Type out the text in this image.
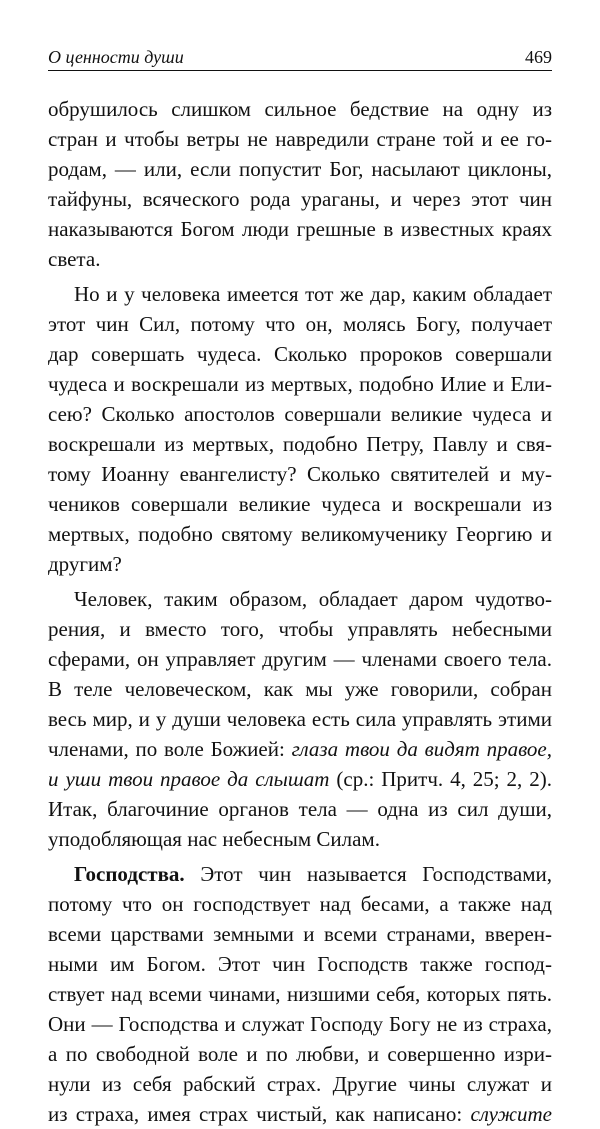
О ценности души	469
обрушилось слишком сильное бедствие на одну из
стран и чтобы ветры не навредили стране той и ее го-
родам, — или, если попустит Бог, насылают циклоны,
тайфуны, всяческого рода ураганы, и через этот чин
наказываются Богом люди грешные в известных краях
света.
Но и у человека имеется тот же дар, каким обладает
этот чин Сил, потому что он, молясь Богу, получает
дар совершать чудеса. Сколько пророков совершали
чудеса и воскрешали из мертвых, подобно Илие и Ели-
сею? Сколько апостолов совершали великие чудеса и
воскрешали из мертвых, подобно Петру, Павлу и свя-
тому Иоанну евангелисту? Сколько святителей и му-
чеников совершали великие чудеса и воскрешали из
мертвых, подобно святому великомученику Георгию и
другим?
Человек, таким образом, обладает даром чудотво-
рения, и вместо того, чтобы управлять небесными
сферами, он управляет другим — членами своего тела.
В теле человеческом, как мы уже говорили, собран
весь мир, и у души человека есть сила управлять этими
членами, по воле Божией: глаза твои да видят правое,
и уши твои правое да слышат (ср.: Притч. 4, 25; 2, 2).
Итак, благочиние органов тела — одна из сил души,
уподобляющая нас небесным Силам.
Господства. Этот чин называется Господствами,
потому что он господствует над бесами, а также над
всеми царствами земными и всеми странами, вверен-
ными им Богом. Этот чин Господств также господ-
ствует над всеми чинами, низшими себя, которых пять.
Они — Господства и служат Господу Богу не из страха,
а по свободной воле и по любви, и совершенно изри-
нули из себя рабский страх. Другие чины служат и
из страха, имея страх чистый, как написано: служите
